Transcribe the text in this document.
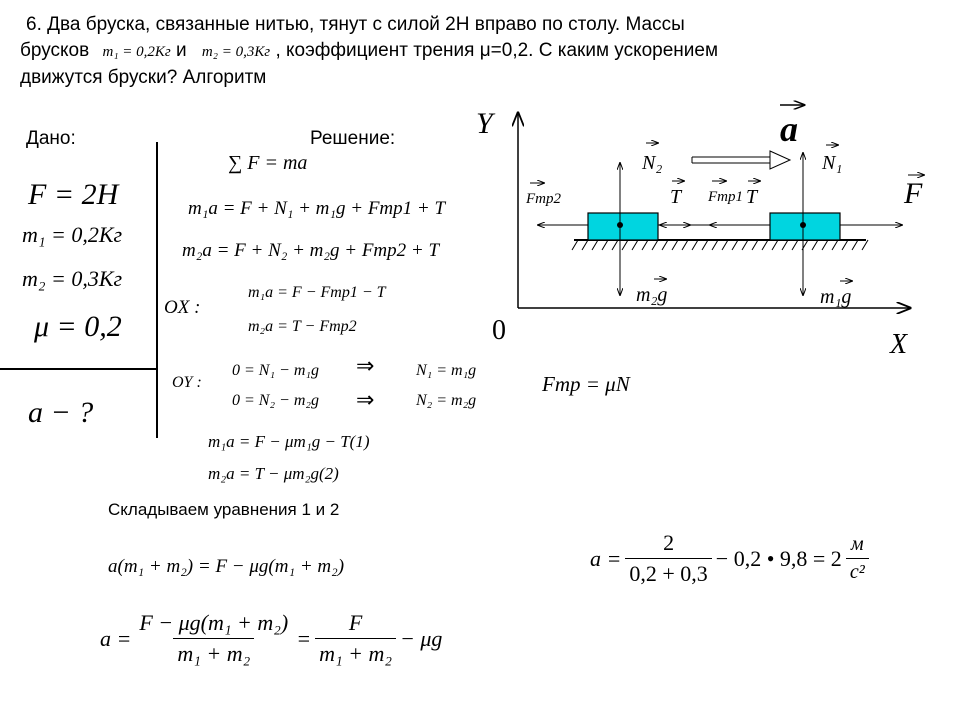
6. Два бруска, связанные нитью, тянут с силой 2Н вправо по столу. Массы
брусков m₁ = 0,2Кг и m₂ = 0,3Кг , коэффициент трения μ=0,2. С каким ускорением
движутся бруски? Алгоритм
Дано:
F = 2H
m₁ = 0,2Кг
m₂ = 0,3Кг
μ = 0,2
a − ?
Решение:
∑ F = ma
m₁a = F + N₁ + m₁g + Fтр1 + T
m₂a = F + N₂ + m₂g + Fтр2 + T
OX :
m₁a = F − Fтр1 − T
m₂a = T − Fтр2
OY :
0 = N₁ − m₁g
0 = N₂ − m₂g
⇒
⇒
N₁ = m₁g
N₂ = m₂g
Fтр = μN
m₁a = F − μm₁g − T(1)
m₂a = T − μm₂g(2)
Складываем уравнения 1 и 2
a(m₁ + m₂) = F − μg(m₁ + m₂)
$a = \frac{\text{F − μg(m₁ + m₂)}}{\text{m₁ + m₂}} = \frac{F}{\text{m₁ + m₂}} - \mu g$
$a = \frac{2}{0,2 + 0,3} - 0,2$ • $9,8 = 2 \frac{м}{\text{с²}}$
Y
X
0
a
N₂	N₁
Fтр2	T Fтр1 T	F
m₂g	m₁g
